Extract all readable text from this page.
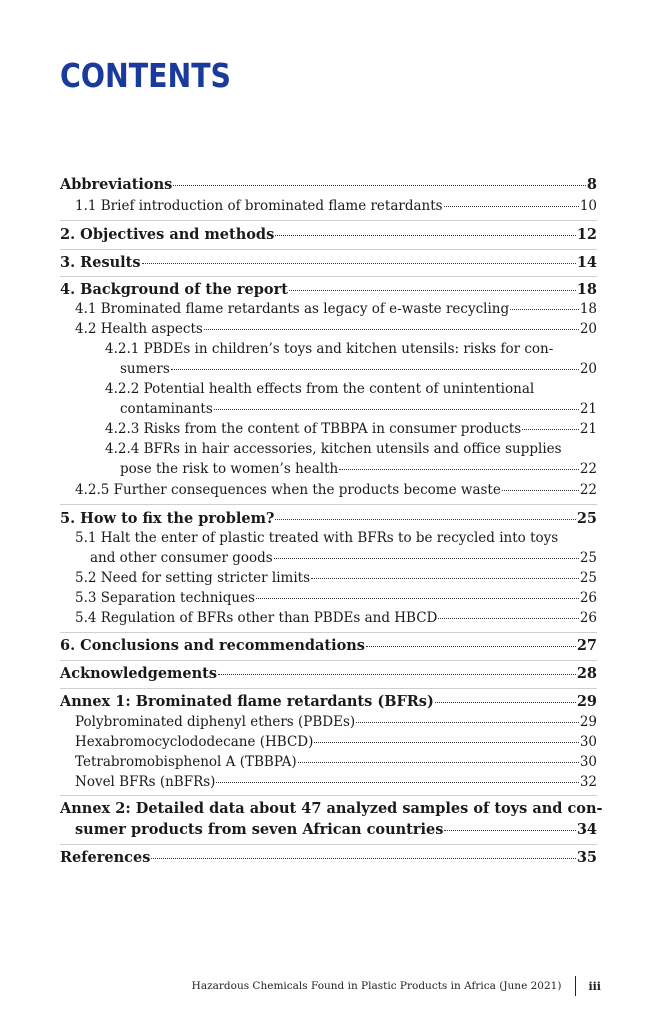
CONTENTS
Abbreviations	8
1.1 Brief introduction of brominated flame retardants	10
2. Objectives and methods	12
3. Results	14
4. Background of the report	18
4.1 Brominated flame retardants as legacy of e-waste recycling	18
4.2 Health aspects	20
4.2.1 PBDEs in children’s toys and kitchen utensils: risks for con-
sumers	20
4.2.2 Potential health effects from the content of unintentional
contaminants	21
4.2.3 Risks from the content of TBBPA in consumer products	21
4.2.4 BFRs in hair accessories, kitchen utensils and office supplies
pose the risk to women’s health	22
4.2.5 Further consequences when the products become waste	22
5. How to fix the problem?	25
5.1 Halt the enter of plastic treated with BFRs to be recycled into toys
and other consumer goods	25
5.2 Need for setting stricter limits	25
5.3 Separation techniques	26
5.4 Regulation of BFRs other than PBDEs and HBCD	26
6. Conclusions and recommendations	27
Acknowledgements	28
Annex 1: Brominated flame retardants (BFRs)	29
Polybrominated diphenyl ethers (PBDEs)	29
Hexabromocyclododecane (HBCD)	30
Tetrabromobisphenol A (TBBPA)	30
Novel BFRs (nBFRs)	32
Annex 2: Detailed data about 47 analyzed samples of toys and con-
sumer products from seven African countries	34
References	35
Hazardous Chemicals Found in Plastic Products in Africa (June 2021) iii
